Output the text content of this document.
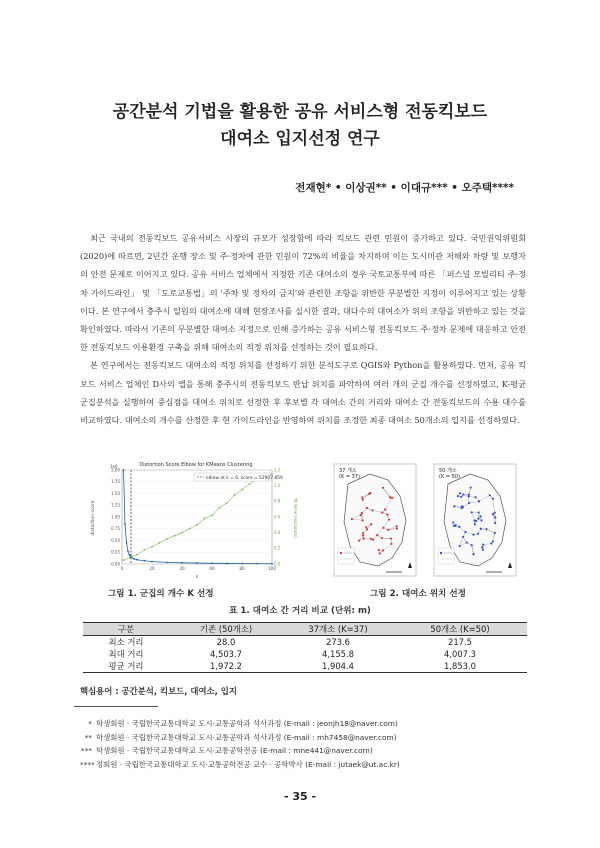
공간분석 기법을 활용한 공유 서비스형 전동킥보드
대여소 입지선정 연구
전재현* • 이상권** • 이대규*** • 오주택****

최근 국내의 전동킥보드 공유서비스 시장의 규모가 성장함에 따라 킥보드 관련 민원이 증가하고 있다. 국민권익위원회(2020)에 따르면, 2년간 운행 장소 및 주·정차에 관한 민원이 72%의 비율을 차지하며 이는 도시미관 저해와 차량 및 보행자의 안전 문제로 이어지고 있다. 공유 서비스 업체에서 지정한 기존 대여소의 경우 국토교통부에 따른 「퍼스널 모빌리티 주·정차 가이드라인」 및 「도로교통법」의 '주차 및 정차의 금지'와 관련한 조항을 위반한 무분별한 지정이 이루어지고 있는 상황이다. 본 연구에서 충주시 일원의 대여소에 대해 현장조사를 실시한 결과, 대다수의 대여소가 위의 조항을 위반하고 있는 것을 확인하였다. 따라서 기존의 무분별한 대여소 지정으로 인해 증가하는 공유 서비스형 전동킥보드 주·정차 문제에 대응하고 안전한 전동킥보드 이용환경 구축을 위해 대여소의 적정 위치를 선정하는 것이 필요하다.

본 연구에서는 전동킥보드 대여소의 적정 위치를 선정하기 위한 분석도구로 QGIS와 Python을 활용하였다. 먼저, 공유 킥보드 서비스 업체인 D사의 앱을 통해 충주시의 전동킥보드 반납 위치를 파악하여 여러 개의 군집 개수를 선정하였고, K-평균 군집분석을 실행하여 중심점을 대여소 위치로 선정한 후 후보별 각 대여소 간의 거리와 대여소 간 전동킥보드의 수용 대수를 비교하였다. 대여소의 개수를 산정한 후 현 가이드라인을 반영하여 위치를 조정한 최종 대여소 50개소의 입지를 선정하였다.

Distortion Score Elbow for KMeans Clustering
1e6
distortion score	fit time (seconds)
k
0	20	40	60	80	100
0.00
0.25
0.50
0.75
1.00
1.25
1.50
1.75
2.00
0.0
0.2
0.4
0.6
0.8
1.0
1.2
elbow at k = 6, score = 52907.859
37 개소
(K = 37)
50 개소
(K = 50)
그림 1. 군집의 개수 K 선정	그림 2. 대여소 위치 선정
표 1. 대여소 간 거리 비교 (단위: m)
구분	기존 (50개소)	37개소 (K=37)	50개소 (K=50)
최소 거리	28.0	273.6	217.5
최대 거리	4,503.7	4,155.8	4,007.3
평균 거리	1,972.2	1,904.4	1,853.0
핵심용어 : 공간분석, 킥보드, 대여소, 입지
* 학생회원 · 국립한국교통대학교 도시·교통공학과 석사과정 (E-mail : jeonjh18@naver.com)
** 학생회원 · 국립한국교통대학교 도시·교통공학과 석사과정 (E-mail : mh7458@naver.com)
*** 학생회원 · 국립한국교통대학교 도시·교통공학전공 (E-mail : mne441@naver.com)
****정회원 · 국립한국교통대학교 도시·교통공학전공 교수 · 공학박사 (E-mail : jutaek@ut.ac.kr)
- 35 -
